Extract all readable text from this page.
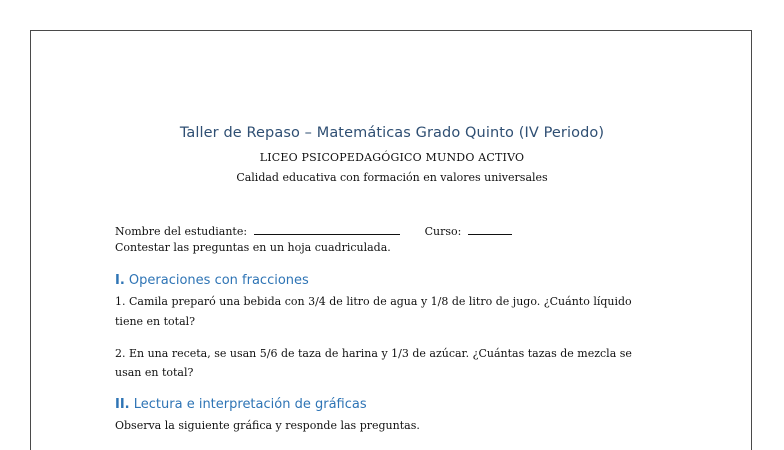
Taller de Repaso – Matemáticas Grado Quinto (IV Periodo)
LICEO PSICOPEDAGÓGICO MUNDO ACTIVO
Calidad educativa con formación en valores universales
Nombre del estudiante:	Curso:
Contestar las preguntas en un hoja cuadriculada.
I. Operaciones con fracciones
1. Camila preparó una bebida con 3/4 de litro de agua y 1/8 de litro de jugo. ¿Cuánto líquido
tiene en total?
2. En una receta, se usan 5/6 de taza de harina y 1/3 de azúcar. ¿Cuántas tazas de mezcla se
usan en total?
II. Lectura e interpretación de gráficas
Observa la siguiente gráfica y responde las preguntas.
